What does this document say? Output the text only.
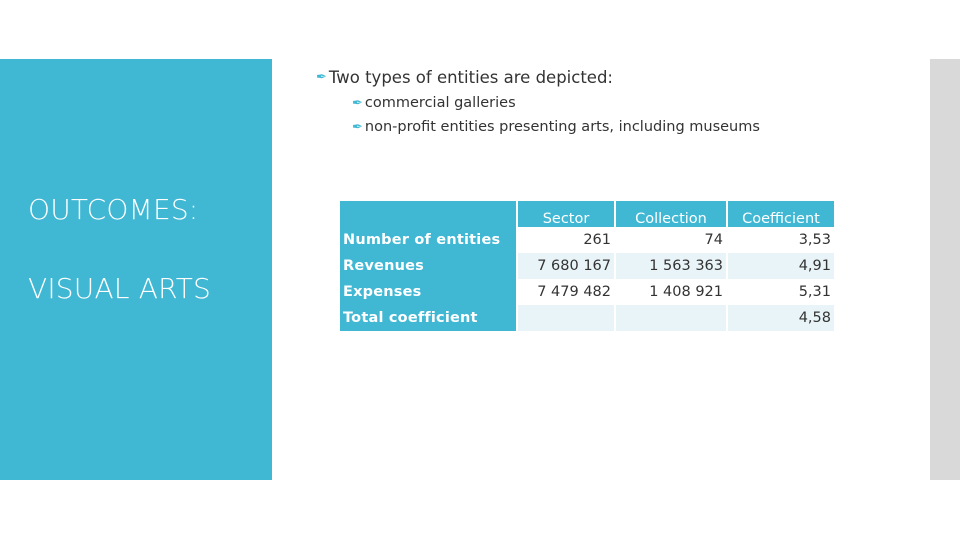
OUTCOMES:
VISUAL ARTS
✒ Two types of entities are depicted:
✒ commercial galleries
✒ non-profit entities presenting arts, including museums
	Sector	Collection	Coefficient
Number of entities	261	74	3,53
Revenues	7 680 167	1 563 363	4,91
Expenses	7 479 482	1 408 921	5,31
Total coefficient			4,58
